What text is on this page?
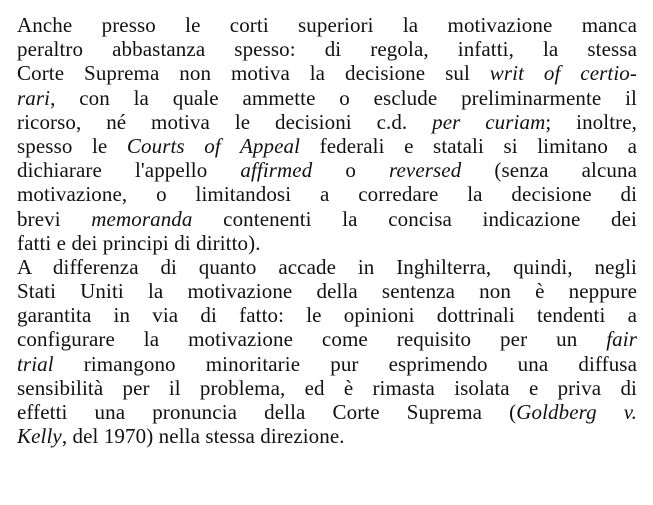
Anche presso le corti superiori la motivazione manca
peraltro abbastanza spesso: di regola, infatti, la stessa
Corte Suprema non motiva la decisione sul writ of certio-
rari, con la quale ammette o esclude preliminarmente il
ricorso, né motiva le decisioni c.d. per curiam; inoltre,
spesso le Courts of Appeal federali e statali si limitano a
dichiarare l'appello affirmed o reversed (senza alcuna
motivazione, o limitandosi a corredare la decisione di
brevi memoranda contenenti la concisa indicazione dei
fatti e dei principi di diritto).
A differenza di quanto accade in Inghilterra, quindi, negli
Stati Uniti la motivazione della sentenza non è neppure
garantita in via di fatto: le opinioni dottrinali tendenti a
configurare la motivazione come requisito per un fair
trial rimangono minoritarie pur esprimendo una diffusa
sensibilità per il problema, ed è rimasta isolata e priva di
effetti una pronuncia della Corte Suprema (Goldberg v.
Kelly, del 1970) nella stessa direzione.
